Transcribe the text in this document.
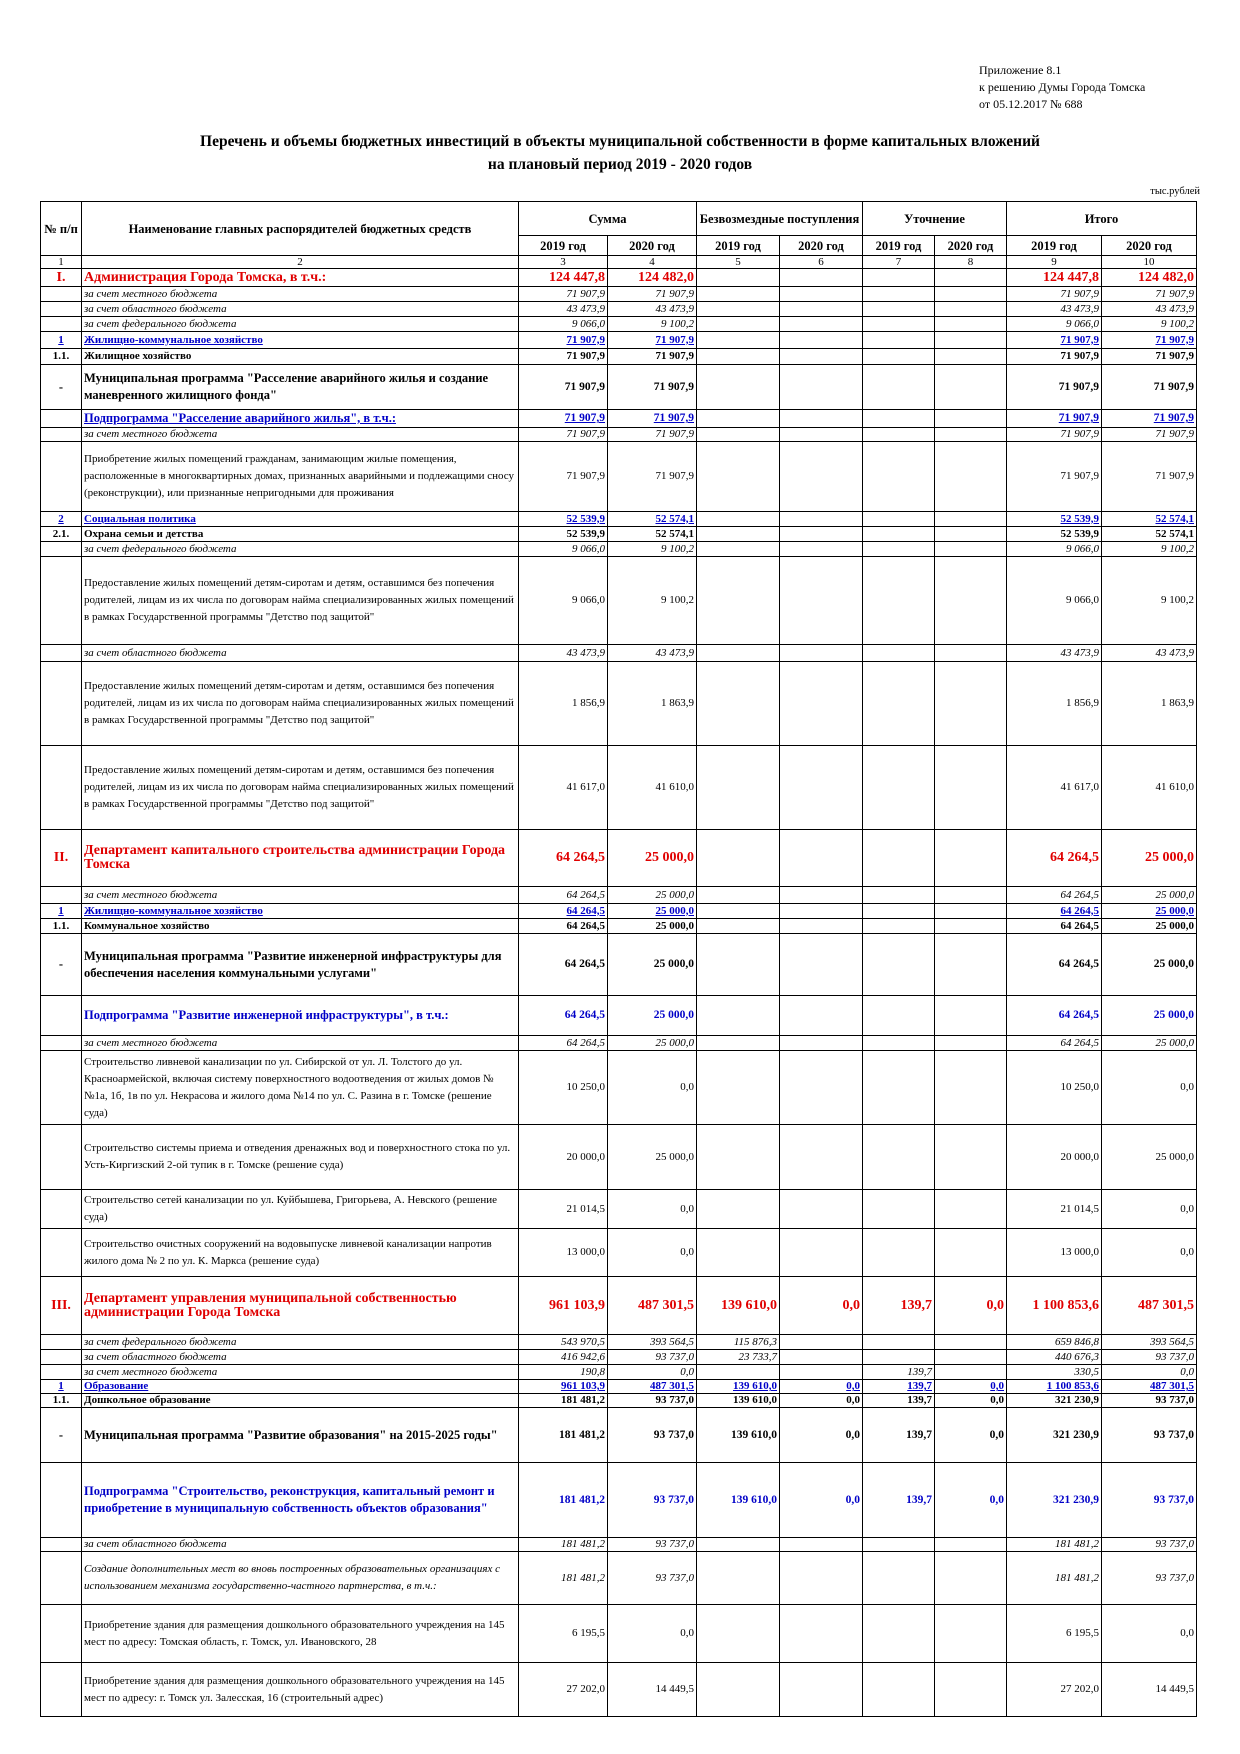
Приложение 8.1
к решению Думы Города Томска
от 05.12.2017 № 688
Перечень и объемы бюджетных инвестиций в объекты муниципальной собственности в форме капитальных вложений
на плановый период 2019 - 2020 годов
тыс.рублей
№ п/п	Наименование главных распорядителей бюджетных средств	Сумма		Безвозмездные поступления		Уточнение		Итого	
		2019 год	2020 год	2019 год	2020 год	2019 год	2020 год	2019 год	2020 год
1	2	3	4	5	6	7	8	9	10
I.	Администрация Города Томска, в т.ч.:	124 447,8	124 482,0					124 447,8	124 482,0
	за счет местного бюджета	71 907,9	71 907,9					71 907,9	71 907,9
	за счет областного бюджета	43 473,9	43 473,9					43 473,9	43 473,9
	за счет федерального бюджета	9 066,0	9 100,2					9 066,0	9 100,2
1	Жилищно-коммунальное хозяйство	71 907,9	71 907,9					71 907,9	71 907,9
1.1.	Жилищное хозяйство	71 907,9	71 907,9					71 907,9	71 907,9
-	Муниципальная программа "Расселение аварийного жилья и создание маневренного жилищного фонда"	71 907,9	71 907,9					71 907,9	71 907,9
	Подпрограмма "Расселение аварийного жилья", в т.ч.:	71 907,9	71 907,9					71 907,9	71 907,9
	за счет местного бюджета	71 907,9	71 907,9					71 907,9	71 907,9
	Приобретение жилых помещений гражданам, занимающим жилые помещения, расположенные в многоквартирных домах, признанных аварийными и подлежащими сносу (реконструкции), или признанные непригодными для проживания	71 907,9	71 907,9					71 907,9	71 907,9
2	Социальная политика	52 539,9	52 574,1					52 539,9	52 574,1
2.1.	Охрана семьи и детства	52 539,9	52 574,1					52 539,9	52 574,1
	за счет федерального бюджета	9 066,0	9 100,2					9 066,0	9 100,2
	Предоставление жилых помещений детям-сиротам и детям, оставшимся без попечения родителей, лицам из их числа по договорам найма специализированных жилых помещений в рамках Государственной программы "Детство под защитой"	9 066,0	9 100,2					9 066,0	9 100,2
	за счет областного бюджета	43 473,9	43 473,9					43 473,9	43 473,9
	Предоставление жилых помещений детям-сиротам и детям, оставшимся без попечения родителей, лицам из их числа по договорам найма специализированных жилых помещений в рамках Государственной программы "Детство под защитой"	1 856,9	1 863,9					1 856,9	1 863,9
	Предоставление жилых помещений детям-сиротам и детям, оставшимся без попечения родителей, лицам из их числа по договорам найма специализированных жилых помещений в рамках Государственной программы "Детство под защитой"	41 617,0	41 610,0					41 617,0	41 610,0
II.	Департамент капитального строительства администрации Города Томска	64 264,5	25 000,0					64 264,5	25 000,0
	за счет местного бюджета	64 264,5	25 000,0					64 264,5	25 000,0
1	Жилищно-коммунальное хозяйство	64 264,5	25 000,0					64 264,5	25 000,0
1.1.	Коммунальное хозяйство	64 264,5	25 000,0					64 264,5	25 000,0
-	Муниципальная программа "Развитие инженерной инфраструктуры для обеспечения населения коммунальными услугами"	64 264,5	25 000,0					64 264,5	25 000,0
	Подпрограмма "Развитие инженерной инфраструктуры", в т.ч.:	64 264,5	25 000,0					64 264,5	25 000,0
	за счет местного бюджета	64 264,5	25 000,0					64 264,5	25 000,0
	Строительство ливневой канализации по ул. Сибирской от ул. Л. Толстого до ул. Красноармейской, включая систему поверхностного водоотведения от жилых домов №№1а, 1б, 1в по ул. Некрасова и жилого дома №14 по ул. С. Разина в г. Томске (решение суда)	10 250,0	0,0					10 250,0	0,0
	Строительство системы приема и отведения дренажных вод и поверхностного стока по ул. Усть-Киргизский 2-ой тупик в г. Томске (решение суда)	20 000,0	25 000,0					20 000,0	25 000,0
	Строительство сетей канализации по ул. Куйбышева, Григорьева, А. Невского (решение суда)	21 014,5	0,0					21 014,5	0,0
	Строительство очистных сооружений на водовыпуске ливневой канализации напротив жилого дома № 2 по ул. К. Маркса (решение суда)	13 000,0	0,0					13 000,0	0,0
III.	Департамент управления муниципальной собственностью администрации Города Томска	961 103,9	487 301,5	139 610,0	0,0	139,7	0,0	1 100 853,6	487 301,5
	за счет федерального бюджета	543 970,5	393 564,5	115 876,3				659 846,8	393 564,5
	за счет областного бюджета	416 942,6	93 737,0	23 733,7				440 676,3	93 737,0
	за счет местного бюджета	190,8	0,0			139,7		330,5	0,0
1	Образование	961 103,9	487 301,5	139 610,0	0,0	139,7	0,0	1 100 853,6	487 301,5
1.1.	Дошкольное образование	181 481,2	93 737,0	139 610,0	0,0	139,7	0,0	321 230,9	93 737,0
-	Муниципальная программа "Развитие образования" на 2015-2025 годы"	181 481,2	93 737,0	139 610,0	0,0	139,7	0,0	321 230,9	93 737,0
	Подпрограмма "Строительство, реконструкция, капитальный ремонт и приобретение в муниципальную собственность объектов образования"	181 481,2	93 737,0	139 610,0	0,0	139,7	0,0	321 230,9	93 737,0
	за счет областного бюджета	181 481,2	93 737,0					181 481,2	93 737,0
	Создание дополнительных мест во вновь построенных образовательных организациях с использованием механизма государственно-частного партнерства, в т.ч.:	181 481,2	93 737,0					181 481,2	93 737,0
	Приобретение здания для размещения дошкольного образовательного учреждения на 145 мест по адресу: Томская область, г. Томск, ул. Ивановского, 28	6 195,5	0,0					6 195,5	0,0
	Приобретение здания для размещения дошкольного образовательного учреждения на 145 мест по адресу: г. Томск ул. Залесская, 16 (строительный адрес)	27 202,0	14 449,5					27 202,0	14 449,5
